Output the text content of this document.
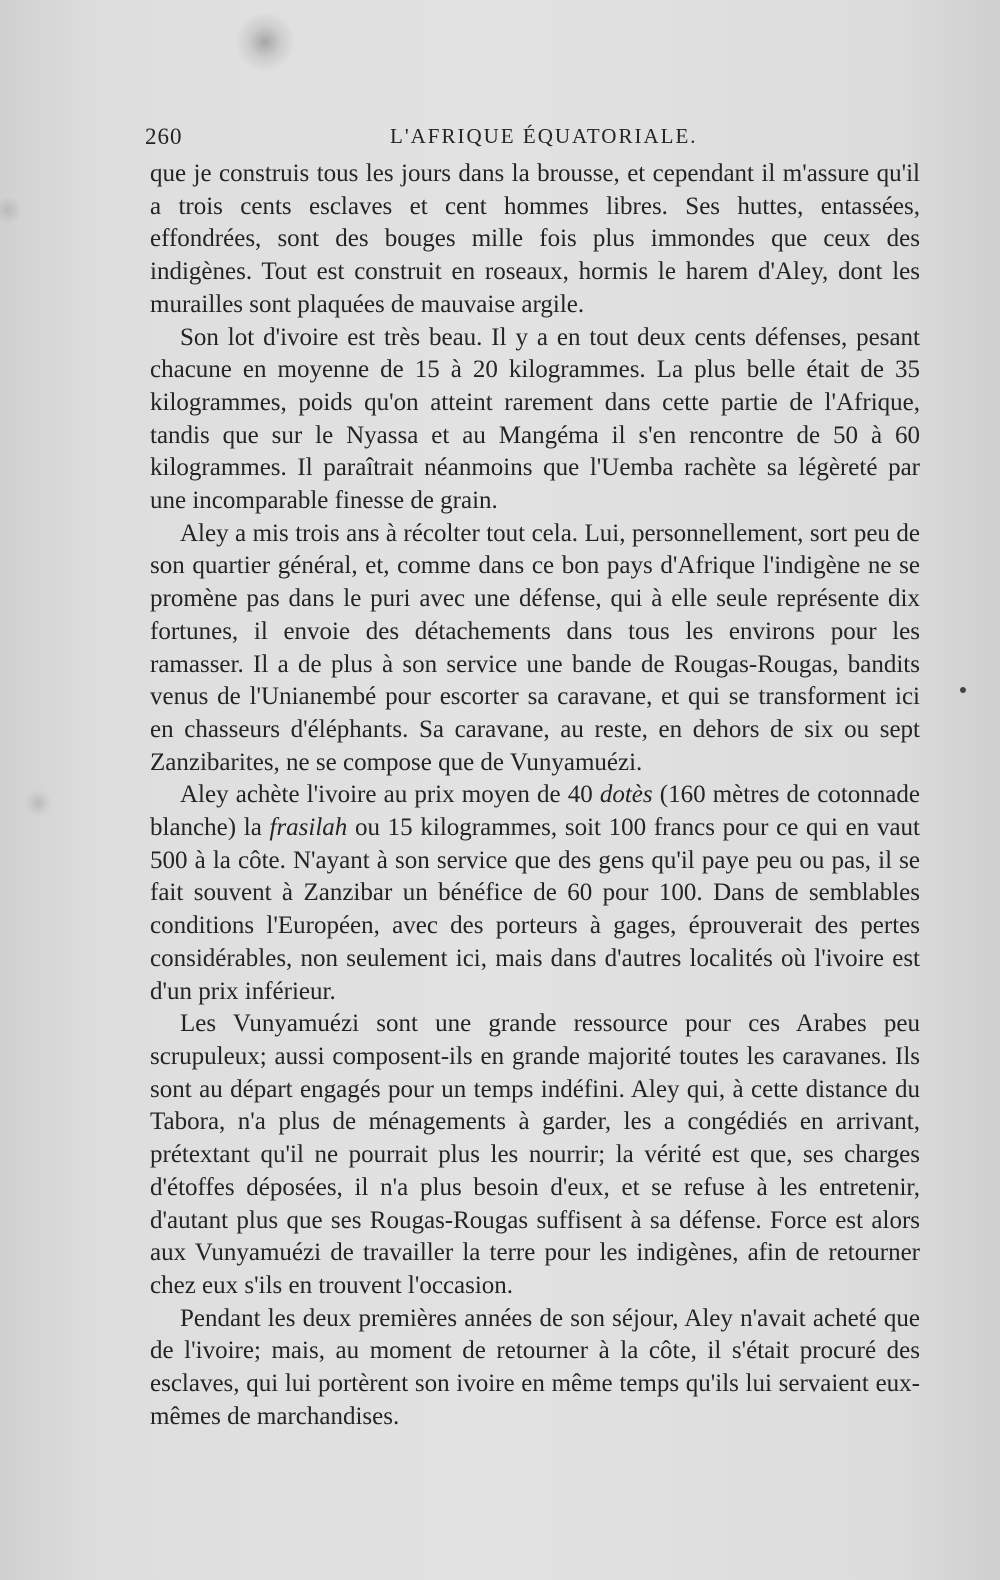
260	L'AFRIQUE ÉQUATORIALE.

que je construis tous les jours dans la brousse, et cependant il m'assure qu'il a trois cents esclaves et cent hommes libres. Ses huttes, entassées, effondrées, sont des bouges mille fois plus immondes que ceux des indigènes. Tout est construit en roseaux, hormis le harem d'Aley, dont les murailles sont plaquées de mauvaise argile.

Son lot d'ivoire est très beau. Il y a en tout deux cents défenses, pesant chacune en moyenne de 15 à 20 kilogrammes. La plus belle était de 35 kilogrammes, poids qu'on atteint rarement dans cette partie de l'Afrique, tandis que sur le Nyassa et au Mangéma il s'en rencontre de 50 à 60 kilogrammes. Il paraîtrait néanmoins que l'Uemba rachète sa légèreté par une incomparable finesse de grain.

Aley a mis trois ans à récolter tout cela. Lui, personnellement, sort peu de son quartier général, et, comme dans ce bon pays d'Afrique l'indigène ne se promène pas dans le puri avec une défense, qui à elle seule représente dix fortunes, il envoie des détachements dans tous les environs pour les ramasser. Il a de plus à son service une bande de Rougas-Rougas, bandits venus de l'Unianembé pour escorter sa caravane, et qui se transforment ici en chasseurs d'éléphants. Sa caravane, au reste, en dehors de six ou sept Zanzibarites, ne se compose que de Vunyamuézi.

Aley achète l'ivoire au prix moyen de 40 dotès (160 mètres de cotonnade blanche) la frasilah ou 15 kilogrammes, soit 100 francs pour ce qui en vaut 500 à la côte. N'ayant à son service que des gens qu'il paye peu ou pas, il se fait souvent à Zanzibar un bénéfice de 60 pour 100. Dans de semblables conditions l'Européen, avec des porteurs à gages, éprouverait des pertes considérables, non seulement ici, mais dans d'autres localités où l'ivoire est d'un prix inférieur.

Les Vunyamuézi sont une grande ressource pour ces Arabes peu scrupuleux; aussi composent-ils en grande majorité toutes les caravanes. Ils sont au départ engagés pour un temps indéfini. Aley qui, à cette distance du Tabora, n'a plus de ménagements à garder, les a congédiés en arrivant, prétextant qu'il ne pourrait plus les nourrir; la vérité est que, ses charges d'étoffes déposées, il n'a plus besoin d'eux, et se refuse à les entretenir, d'autant plus que ses Rougas-Rougas suffisent à sa défense. Force est alors aux Vunyamuézi de travailler la terre pour les indigènes, afin de retourner chez eux s'ils en trouvent l'occasion.

Pendant les deux premières années de son séjour, Aley n'avait acheté que de l'ivoire; mais, au moment de retourner à la côte, il s'était procuré des esclaves, qui lui portèrent son ivoire en même temps qu'ils lui servaient eux-mêmes de marchandises.
